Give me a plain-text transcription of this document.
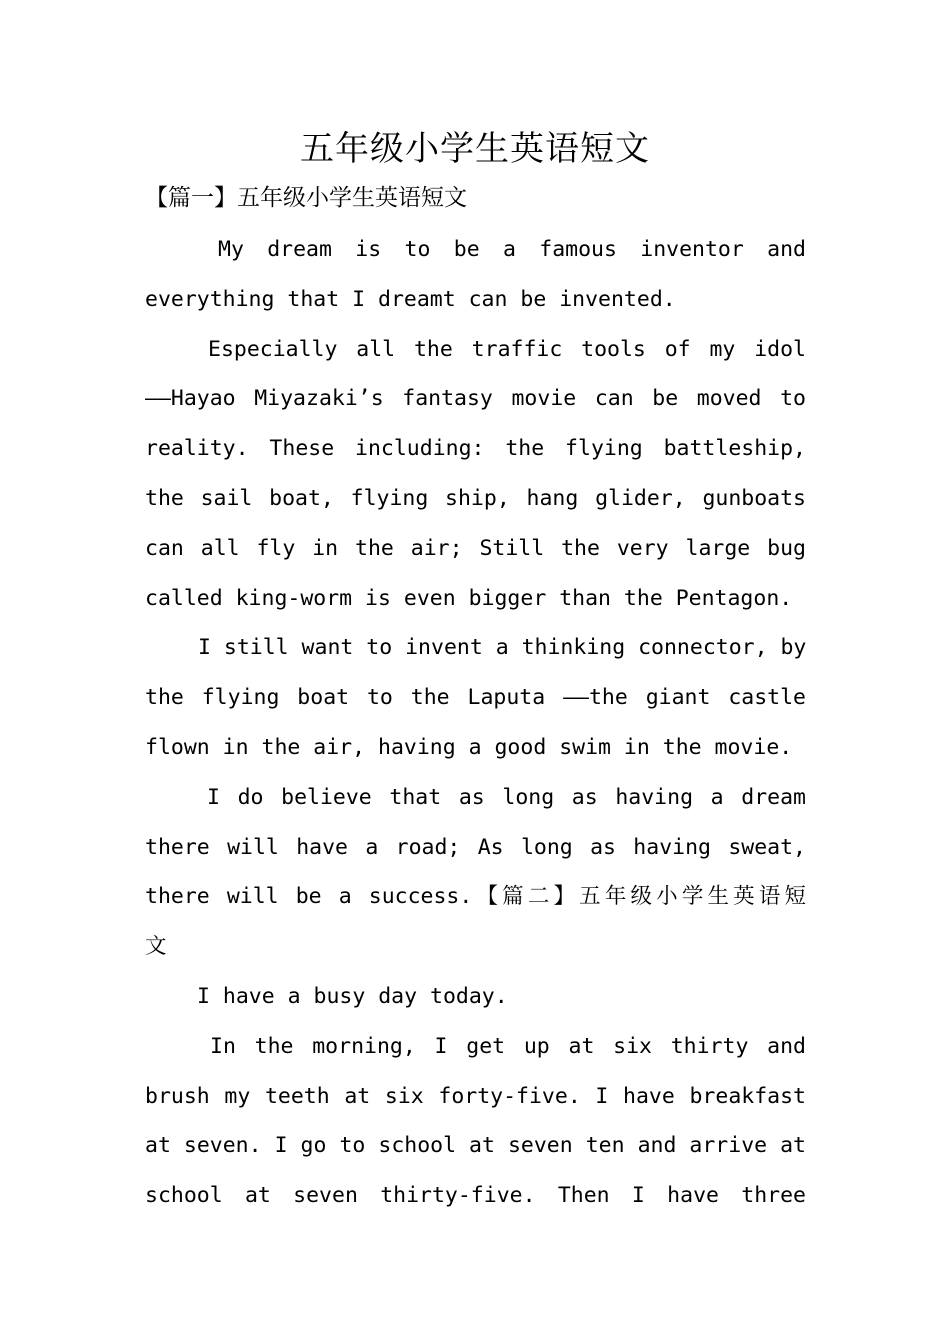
五年级小学生英语短文
【篇一】五年级小学生英语短文
My dream is to be a famous inventor and
everything that I dreamt can be invented.
Especially all the traffic tools of my idol
——Hayao Miyazaki’s fantasy movie can be moved to
reality. These including: the flying battleship,
the sail boat, flying ship, hang glider, gunboats
can all fly in the air; Still the very large bug
called king-worm is even bigger than the Pentagon.
I still want to invent a thinking connector, by
the flying boat to the Laputa ——the giant castle
flown in the air, having a good swim in the movie.
I do believe that as long as having a dream
there will have a road; As long as having sweat,
there will be a success.【篇二】五年级小学生英语短
文
I have a busy day today.
In the morning, I get up at six thirty and
brush my teeth at six forty-five. I have breakfast
at seven. I go to school at seven ten and arrive at
school at seven thirty-five. Then I have three
